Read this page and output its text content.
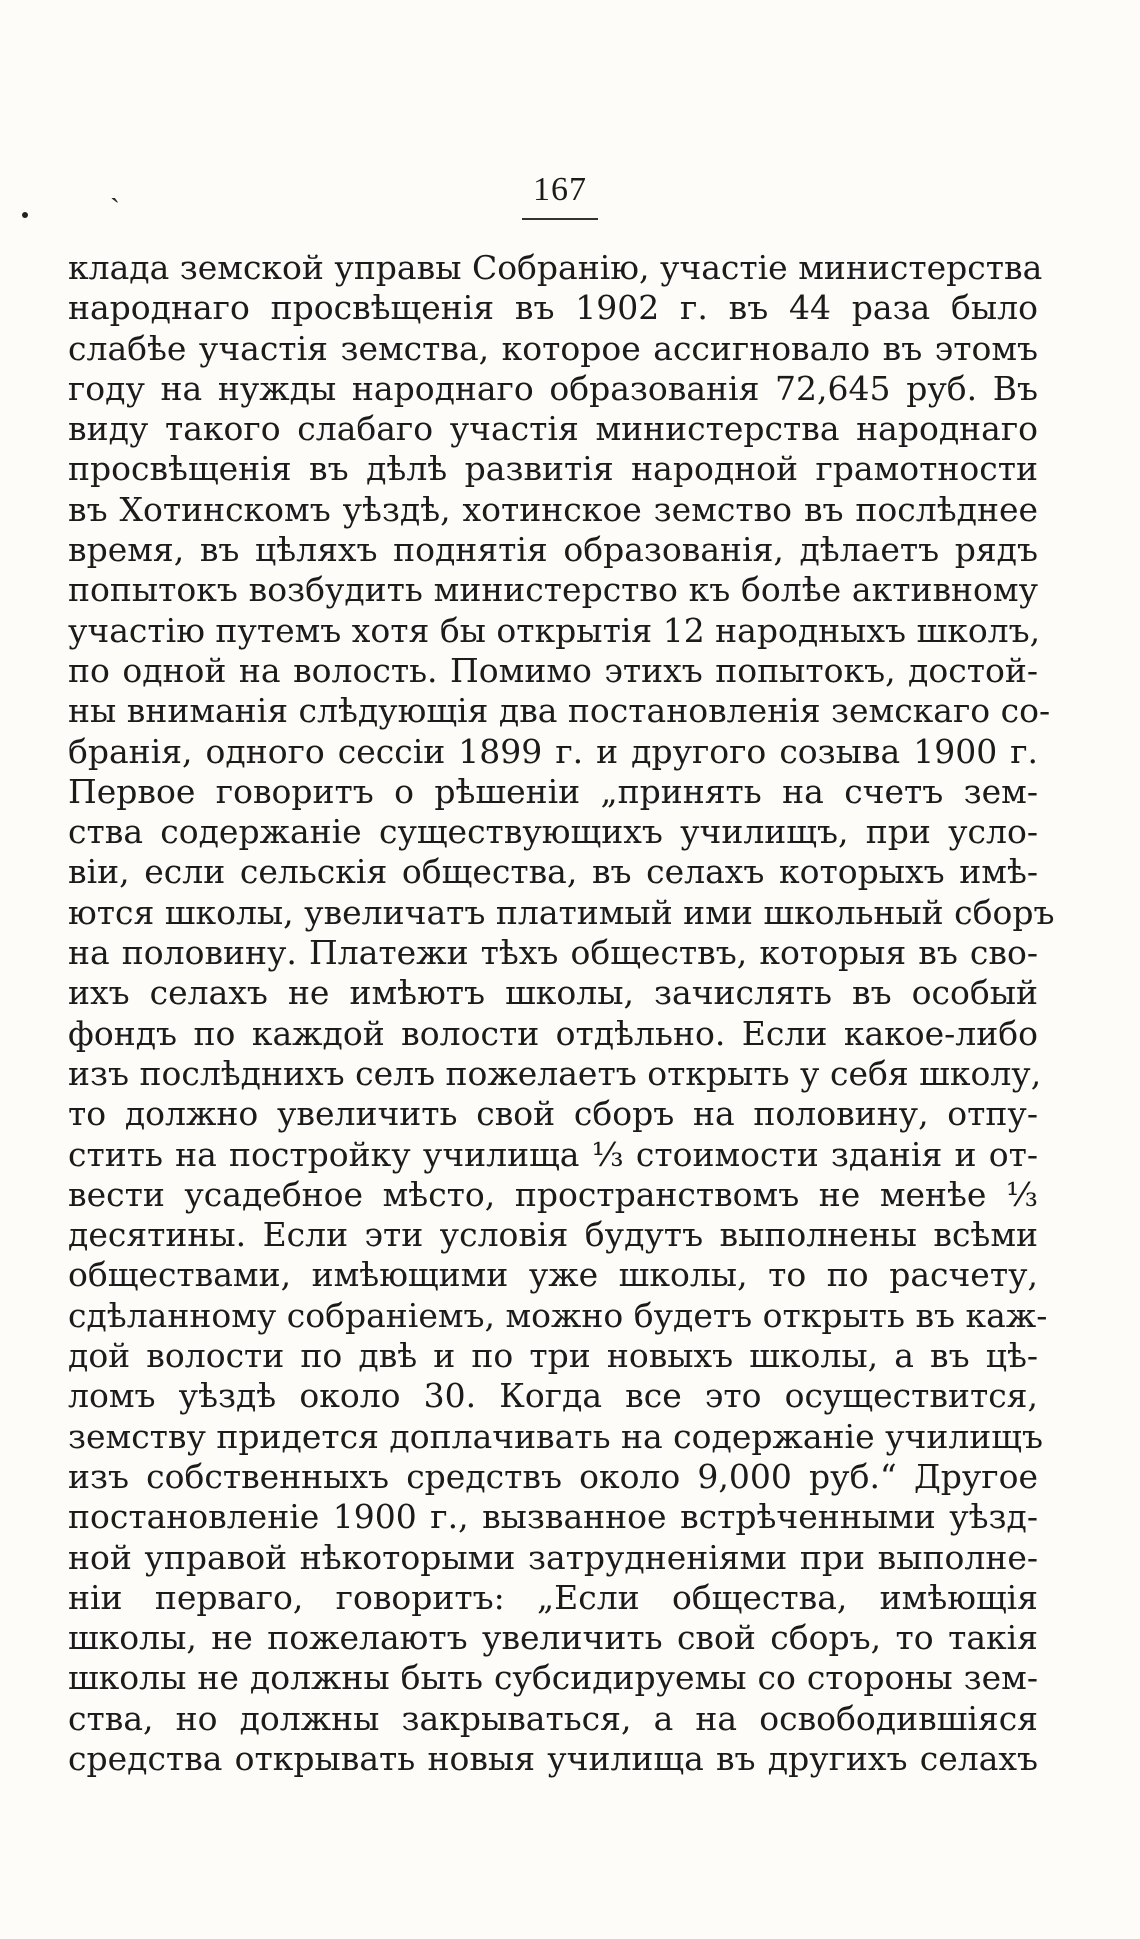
ˏ	167
клада земской управы Собранію, участіе министерства
народнаго просвѣщенія въ 1902 г. въ 44 раза было
слабѣе участія земства, которое ассигновало въ этомъ
году на нужды народнаго образованія 72,645 руб. Въ
виду такого слабаго участія министерства народнаго
просвѣщенія въ дѣлѣ развитія народной грамотности
въ Хотинскомъ уѣздѣ, хотинское земство въ послѣднее
время, въ цѣляхъ поднятія образованія, дѣлаетъ рядъ
попытокъ возбудить министерство къ болѣе активному
участію путемъ хотя бы открытія 12 народныхъ школъ,
по одной на волость. Помимо этихъ попытокъ, достой-
ны вниманія слѣдующія два постановленія земскаго со-
бранія, одного сессіи 1899 г. и другого созыва 1900 г.
Первое говоритъ о рѣшеніи „принять на счетъ зем-
ства содержаніе существующихъ училищъ, при усло-
віи, если сельскія общества, въ селахъ которыхъ имѣ-
ются школы, увеличатъ платимый ими школьный сборъ
на половину. Платежи тѣхъ обществъ, которыя въ сво-
ихъ селахъ не имѣютъ школы, зачислять въ особый
фондъ по каждой волости отдѣльно. Если какое-либо
изъ послѣднихъ селъ пожелаетъ открыть у себя школу,
то должно увеличить свой сборъ на половину, отпу-
стить на постройку училища ⅓ стоимости зданія и от-
вести усадебное мѣсто, пространствомъ не менѣе ⅓
десятины. Если эти условія будутъ выполнены всѣми
обществами, имѣющими уже школы, то по расчету,
сдѣланному собраніемъ, можно будетъ открыть въ каж-
дой волости по двѣ и по три новыхъ школы, а въ цѣ-
ломъ уѣздѣ около 30. Когда все это осуществится,
земству придется доплачивать на содержаніе училищъ
изъ собственныхъ средствъ около 9,000 руб.“ Другое
постановленіе 1900 г., вызванное встрѣченными уѣзд-
ной управой нѣкоторыми затрудненіями при выполне-
ніи перваго, говоритъ: „Если общества, имѣющія
школы, не пожелаютъ увеличить свой сборъ, то такія
школы не должны быть субсидируемы со стороны зем-
ства, но должны закрываться, а на освободившіяся
средства открывать новыя училища въ другихъ селахъ
